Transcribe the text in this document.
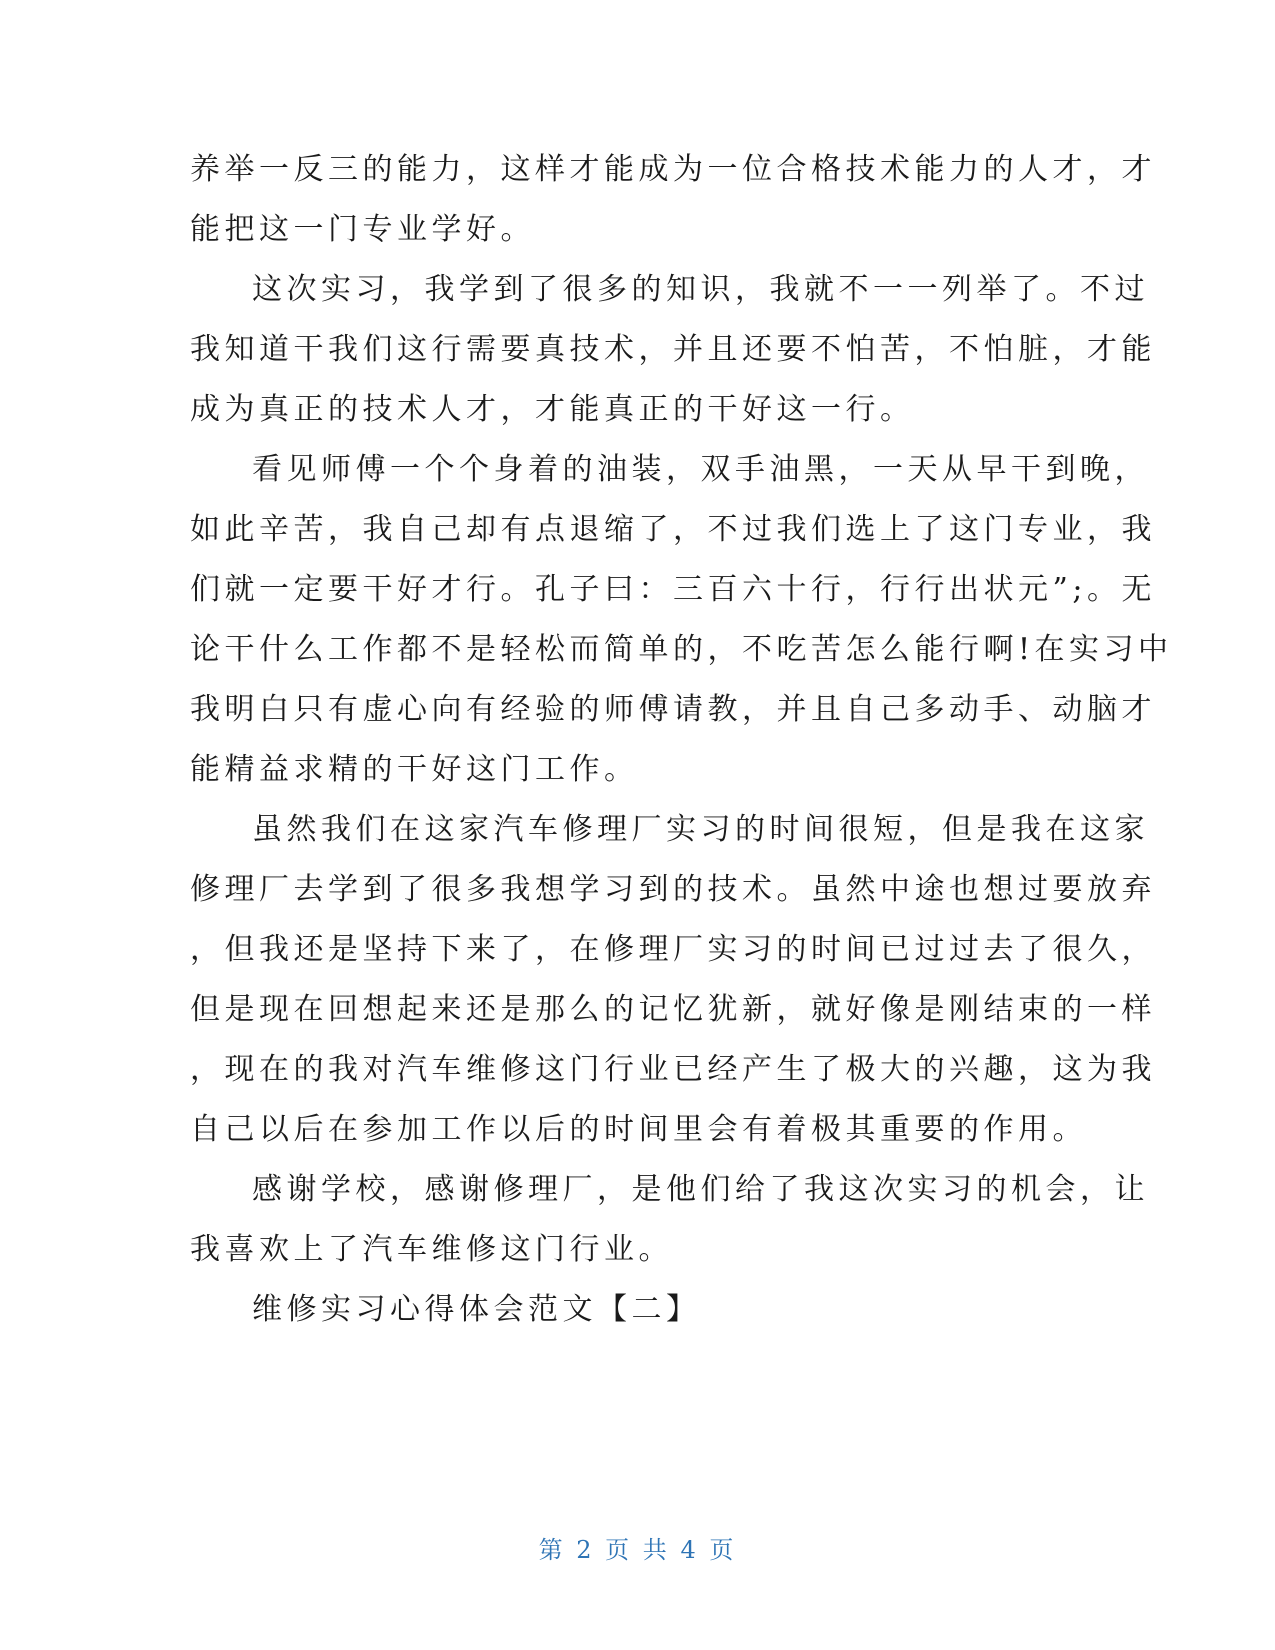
养举一反三的能力，这样才能成为一位合格技术能力的人才，才
能把这一门专业学好。
这次实习，我学到了很多的知识，我就不一一列举了。不过
我知道干我们这行需要真技术，并且还要不怕苦，不怕脏，才能
成为真正的技术人才，才能真正的干好这一行。
看见师傅一个个身着的油装，双手油黑，一天从早干到晚，
如此辛苦，我自己却有点退缩了，不过我们选上了这门专业，我
们就一定要干好才行。孔子曰：三百六十行，行行出状元”;。无
论干什么工作都不是轻松而简单的，不吃苦怎么能行啊!在实习中
我明白只有虚心向有经验的师傅请教，并且自己多动手、动脑才
能精益求精的干好这门工作。
虽然我们在这家汽车修理厂实习的时间很短，但是我在这家
修理厂去学到了很多我想学习到的技术。虽然中途也想过要放弃
，但我还是坚持下来了，在修理厂实习的时间已过过去了很久，
但是现在回想起来还是那么的记忆犹新，就好像是刚结束的一样
，现在的我对汽车维修这门行业已经产生了极大的兴趣，这为我
自己以后在参加工作以后的时间里会有着极其重要的作用。
感谢学校，感谢修理厂，是他们给了我这次实习的机会，让
我喜欢上了汽车维修这门行业。
维修实习心得体会范文【二】
第 2 页 共 4 页
